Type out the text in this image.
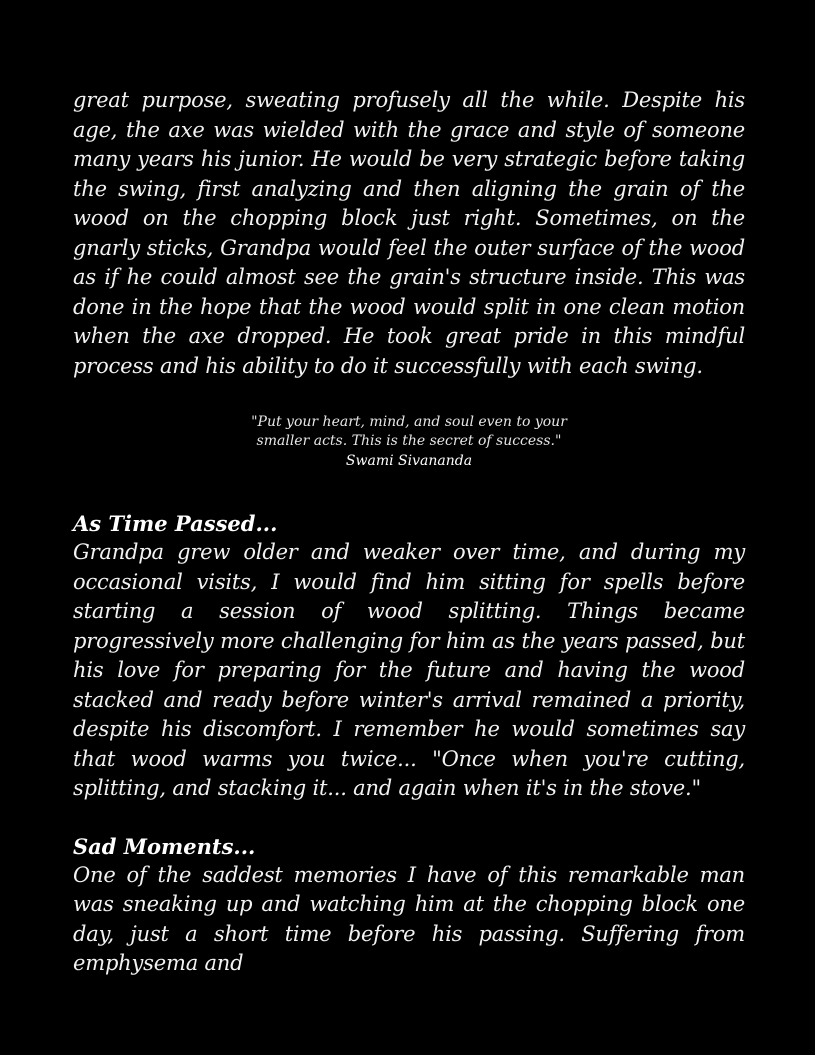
great purpose, sweating profusely all the while. Despite his age, the axe was wielded with the grace and style of someone many years his junior. He would be very strategic before taking the swing, first analyzing and then aligning the grain of the wood on the chopping block just right. Sometimes, on the gnarly sticks, Grandpa would feel the outer surface of the wood as if he could almost see the grain's structure inside. This was done in the hope that the wood would split in one clean motion when the axe dropped. He took great pride in this mindful process and his ability to do it successfully with each swing.

"Put your heart, mind, and soul even to your smaller acts. This is the secret of success."

Swami Sivananda

As Time Passed...

Grandpa grew older and weaker over time, and during my occasional visits, I would find him sitting for spells before starting a session of wood splitting. Things became progressively more challenging for him as the years passed, but his love for preparing for the future and having the wood stacked and ready before winter's arrival remained a priority, despite his discomfort. I remember he would sometimes say that wood warms you twice... "Once when you're cutting, splitting, and stacking it... and again when it's in the stove."

Sad Moments...

One of the saddest memories I have of this remarkable man was sneaking up and watching him at the chopping block one day, just a short time before his passing. Suffering from emphysema and
